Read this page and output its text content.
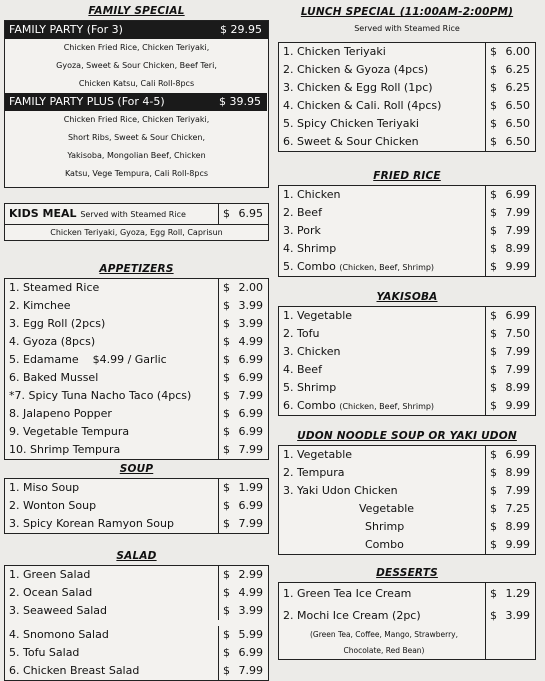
FAMILY SPECIAL
FAMILY PARTY (For 3)	$ 29.95
Chicken Fried Rice, Chicken Teriyaki,
Gyoza, Sweet & Sour Chicken, Beef Teri,
Chicken Katsu, Cali Roll-8pcs
FAMILY PARTY PLUS (For 4-5)	$ 39.95
Chicken Fried Rice, Chicken Teriyaki,
Short Ribs, Sweet & Sour Chicken,
Yakisoba, Mongolian Beef, Chicken
Katsu, Vege Tempura, Cali Roll-8pcs
KIDS MEAL Served with Steamed Rice	$ 6.95
Chicken Teriyaki, Gyoza, Egg Roll, Caprisun
APPETIZERS
1. Steamed Rice	$ 2.00
2. Kimchee	$ 3.99
3. Egg Roll (2pcs)	$ 3.99
4. Gyoza (8pcs)	$ 4.99
5. Edamame    $4.99 / Garlic	$ 6.99
6. Baked Mussel	$ 6.99
*7. Spicy Tuna Nacho Taco (4pcs)	$ 7.99
8. Jalapeno Popper	$ 6.99
9. Vegetable Tempura	$ 6.99
10. Shrimp Tempura	$ 7.99
SOUP
1. Miso Soup	$ 1.99
2. Wonton Soup	$ 6.99
3. Spicy Korean Ramyon Soup	$ 7.99
SALAD
1. Green Salad	$ 2.99
2. Ocean Salad	$ 4.99
3. Seaweed Salad	$ 3.99
4. Snomono Salad	$ 5.99
5. Tofu Salad	$ 6.99
6. Chicken Breast Salad	$ 7.99
LUNCH SPECIAL (11:00AM-2:00PM)
Served with Steamed Rice
1. Chicken Teriyaki	$ 6.00
2. Chicken & Gyoza (4pcs)	$ 6.25
3. Chicken & Egg Roll (1pc)	$ 6.25
4. Chicken & Cali. Roll (4pcs)	$ 6.50
5. Spicy Chicken Teriyaki	$ 6.50
6. Sweet & Sour Chicken	$ 6.50
FRIED RICE
1. Chicken	$ 6.99
2. Beef	$ 7.99
3. Pork	$ 7.99
4. Shrimp	$ 8.99
5. Combo (Chicken, Beef, Shrimp)	$ 9.99
YAKISOBA
1. Vegetable	$ 6.99
2. Tofu	$ 7.50
3. Chicken	$ 7.99
4. Beef	$ 7.99
5. Shrimp	$ 8.99
6. Combo (Chicken, Beef, Shrimp)	$ 9.99
UDON NOODLE SOUP OR YAKI UDON
1. Vegetable	$ 6.99
2. Tempura	$ 8.99
3. Yaki Udon Chicken	$ 7.99
Vegetable	$ 7.25
Shrimp	$ 8.99
Combo	$ 9.99
DESSERTS
1. Green Tea Ice Cream	$ 1.29
2. Mochi Ice Cream (2pc)	$ 3.99
(Green Tea, Coffee, Mango, Strawberry,
Chocolate, Red Bean)
